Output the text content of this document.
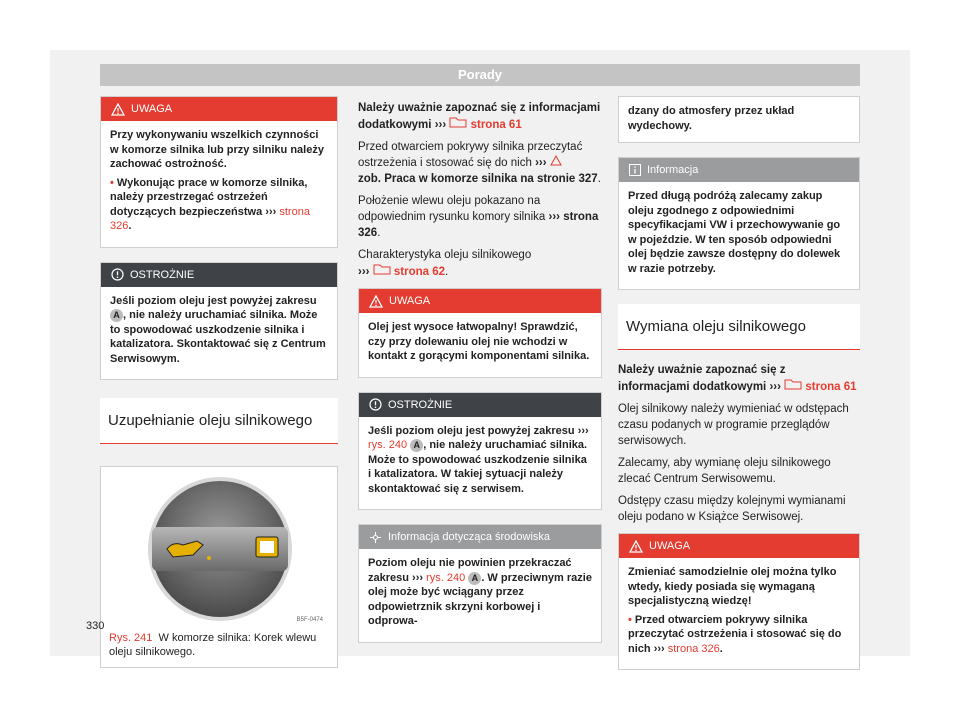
Porady
UWAGA

Przy wykonywaniu wszelkich czynności w komorze silnika lub przy silniku należy zachować ostrożność.

• Wykonując prace w komorze silnika, należy przestrzegać ostrzeżeń dotyczących bezpieczeństwa ››› strona 326.

OSTROŻNIE

Jeśli poziom oleju jest powyżej zakresu A , nie należy uruchamiać silnika. Może to spowodować uszkodzenie silnika i katalizatora. Skontaktować się z Centrum Serwisowym.

Uzupełnianie oleju silnikowego
B5F-0474
Rys. 241 W komorze silnika: Korek wlewu oleju silnikowego.

Należy uważnie zapoznać się z informacjami dodatkowymi ››› strona 61

Przed otwarciem pokrywy silnika przeczytać ostrzeżenia i stosować się do nich ›››
zob. Praca w komorze silnika na stronie 327.

Położenie wlewu oleju pokazano na odpowiednim rysunku komory silnika ››› strona 326.

Charakterystyka oleju silnikowego
››› strona 62.

UWAGA

Olej jest wysoce łatwopalny! Sprawdzić, czy przy dolewaniu olej nie wchodzi w kontakt z gorącymi komponentami silnika.

OSTROŻNIE

Jeśli poziom oleju jest powyżej zakresu ››› rys. 240 A , nie należy uruchamiać silnika. Może to spowodować uszkodzenie silnika i katalizatora. W takiej sytuacji należy skontaktować się z serwisem.

Informacja dotycząca środowiska

Poziom oleju nie powinien przekraczać zakresu ››› rys. 240 A . W przeciwnym razie olej może być wciągany przez odpowietrznik skrzyni korbowej i odprowa-

dzany do atmosfery przez układ wydechowy.
Informacja

Przed długą podróżą zalecamy zakup oleju zgodnego z odpowiednimi specyfikacjami VW i przechowywanie go w pojeździe. W ten sposób odpowiedni olej będzie zawsze dostępny do dolewek w razie potrzeby.

Wymiana oleju silnikowego

Należy uważnie zapoznać się z informacjami dodatkowymi ››› strona 61

Olej silnikowy należy wymieniać w odstępach czasu podanych w programie przeglądów serwisowych.

Zalecamy, aby wymianę oleju silnikowego zlecać Centrum Serwisowemu.

Odstępy czasu między kolejnymi wymianami oleju podano w Książce Serwisowej.

UWAGA

Zmieniać samodzielnie olej można tylko wtedy, kiedy posiada się wymaganą specjalistyczną wiedzę!

• Przed otwarciem pokrywy silnika przeczytać ostrzeżenia i stosować się do nich ››› strona 326.

330
